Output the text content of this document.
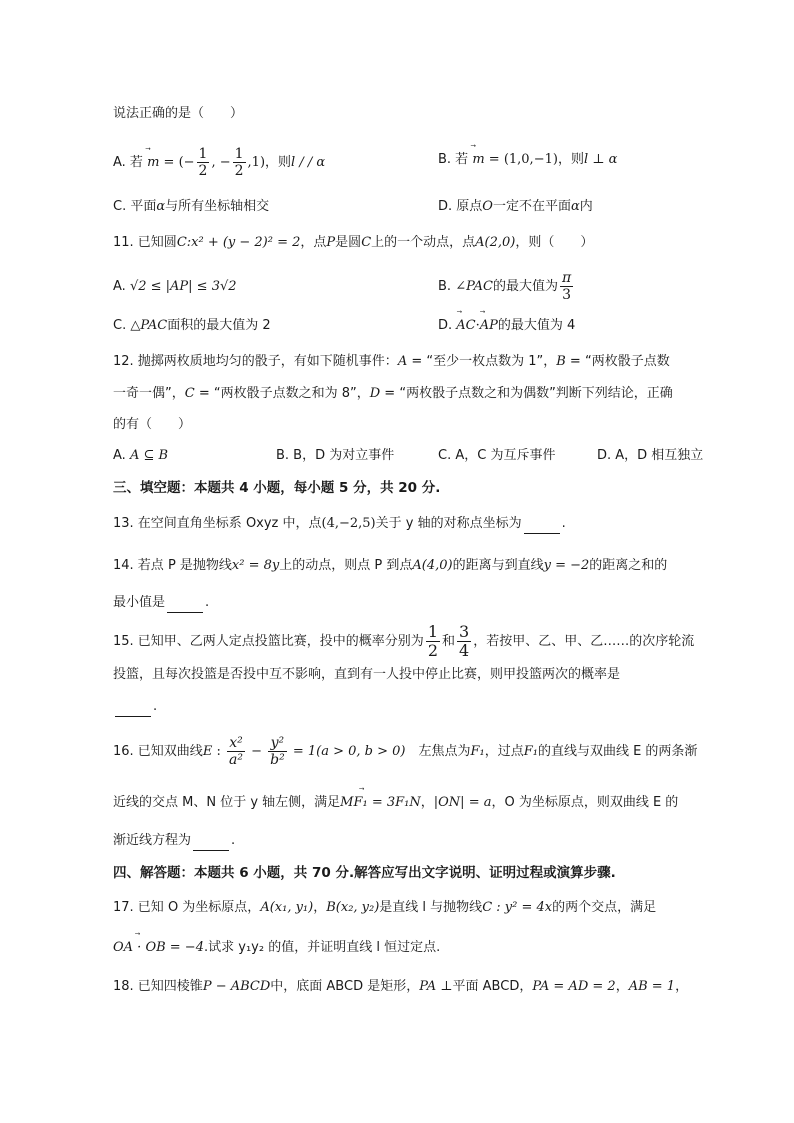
说法正确的是（　　）
A. 若 ⃗ m = (− $\frac{1}{2}$ , − $\frac{1}{2} ,1$)，则l / / α	B. 若 ⃗ m = (1,0,−1)，则l ⊥ α
C. 平面α与所有坐标轴相交	D. 原点O一定不在平面α内
11. 已知圆C:x² + (y − 2)² = 2，点P是圆C上的一个动点，点A(2,0)，则（　　）
A. √2 ≤ |AP| ≤ 3√2	B. ∠PAC的最大值为 $\frac{\pi}{3}$
C. △PAC面积的最大值为 2	D. ⃗ AC·⃗ AP的最大值为 4
12. 抛掷两枚质地均匀的骰子，有如下随机事件：A = “至少一枚点数为 1”，B = “两枚骰子点数
一奇一偶”，C = “两枚骰子点数之和为 8”，D = “两枚骰子点数之和为偶数”判断下列结论，正确
的有（　　）
A. A ⊆ B	B. B，D 为对立事件	C. A，C 为互斥事件	D. A，D 相互独立
三、填空题：本题共 4 小题，每小题 5 分，共 20 分.
13. 在空间直角坐标系 Oxyz 中，点(4,−2,5)关于 y 轴的对称点坐标为	.
14. 若点 P 是抛物线x² = 8y上的动点，则点 P 到点A(4,0)的距离与到直线y = −2的距离之和的
最小值是	.
15. 已知甲、乙两人定点投篮比赛，投中的概率分别为 $\frac{1}{2}$ 和 $\frac{3}{4}$ ，若按甲、乙、甲、乙……的次序轮流
投篮，且每次投篮是否投中互不影响，直到有一人投中停止比赛，则甲投篮两次的概率是
.
16. 已知双曲线E : $\frac{\text{x²}}{\text{a²}} - \frac{\text{y²}}{\text{b²}} = 1(a > 0$, b > 0)　左焦点为F₁，过点F₁的直线与双曲线 E 的两条渐
近线的交点 M、N 位于 y 轴左侧，满足⃗ MF₁ = 3F₁N，|ON| = a，O 为坐标原点，则双曲线 E 的
渐近线方程为	.
四、解答题：本题共 6 小题，共 70 分.解答应写出文字说明、证明过程或演算步骤.
17. 已知 O 为坐标原点，A(x₁, y₁)，B(x₂, y₂)是直线 l 与抛物线C : y² = 4x的两个交点，满足
⃗ OA · OB = −4.试求 y₁y₂ 的值，并证明直线 l 恒过定点.
18. 已知四棱锥P − ABCD中，底面 ABCD 是矩形，PA ⊥平面 ABCD，PA = AD = 2，AB = 1，
